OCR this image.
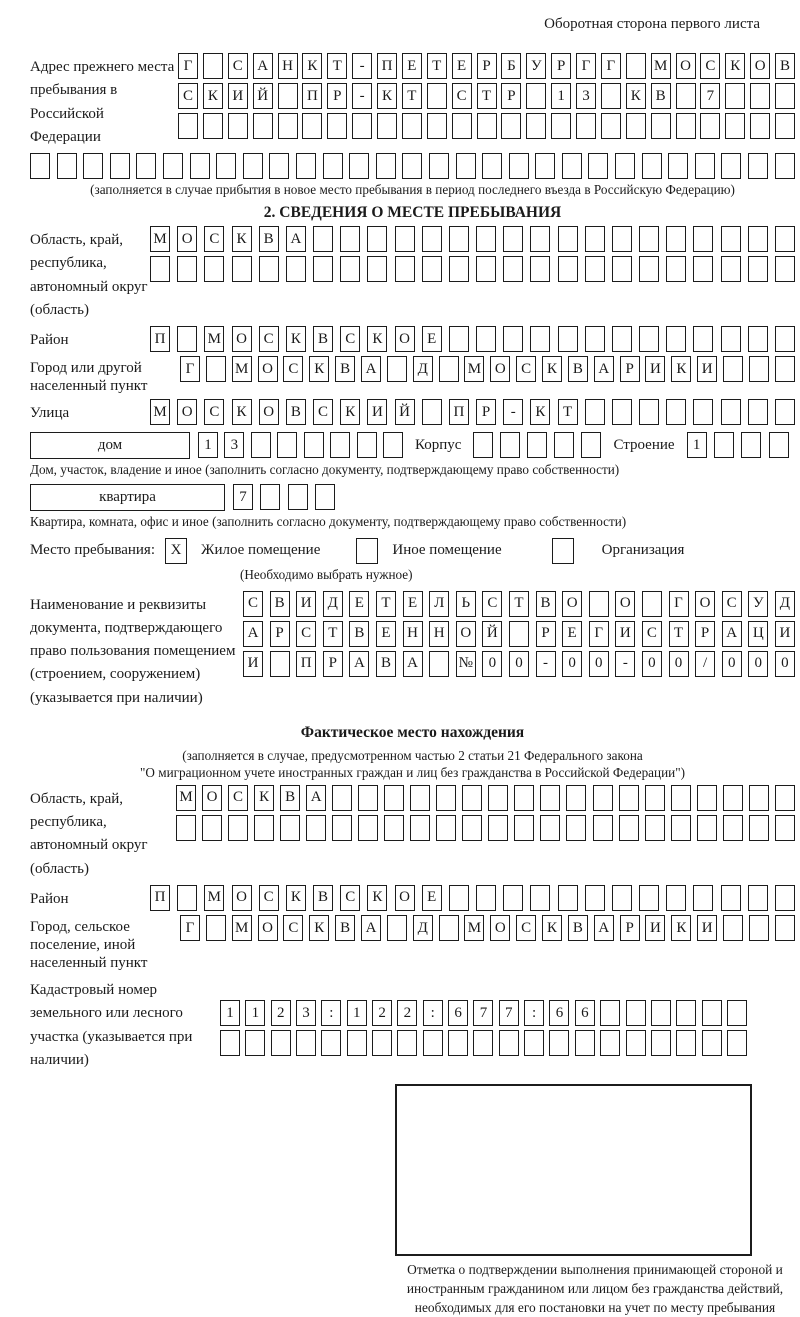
Оборотная сторона первого листа
Адрес прежнего места пребывания в Российской Федерации
Г	С А Н К	Т	-	П Е	Т	Е	Р	Б	У	Р	Г	Г	М О С К О В
С К И Й	П	Р	-	К	Т	С	Т	Р	1	3	К В	7
(заполняется в случае прибытия в новое место пребывания в период последнего въезда в Российскую Федерацию)
2. СВЕДЕНИЯ О МЕСТЕ ПРЕБЫВАНИЯ
Область, край, республика, автономный округ (область)
М	О	С	К	В	А
Район	П	М	О	С	К	В	С	К	О	Е
Город или другой населенный пункт
Г	М О	С	К	В	А	Д	М О	С	К	В	А	Р	И	К	И
Улица	М	О	С	К	О	В	С	К	И	Й	П	Р	-	К	Т
дом	1	3	Корпус	Строение	1
Дом, участок, владение и иное (заполнить согласно документу, подтверждающему право собственности)
квартира	7
Квартира, комната, офис и иное (заполнить согласно документу, подтверждающему право собственности)
Место пребывания:	X	Жилое помещение	Иное помещение	Организация
(Необходимо выбрать нужное)
Наименование и реквизиты документа, подтверждающего право пользования помещением (строением, сооружением) (указывается при наличии)
С	В	И	Д	Е	Т	Е	Л	Ь	С	Т	В	О	О	Г	О	С	У	Д
А	Р	С	Т	В	Е	Н	Н	О	Й	Р	Е	Г	И	С	Т	Р	А	Ц	И
И	П	Р	А	В	А	№	0	0	-	0	0	-	0	0	/	0	0	0
Фактическое место нахождения
(заполняется в случае, предусмотренном частью 2 статьи 21 Федерального закона
"О миграционном учете иностранных граждан и лиц без гражданства в Российской Федерации")
Область, край, республика, автономный округ (область)
М О	С	К	В	А
Район	П	М	О	С	К	В	С	К	О	Е
Город, сельское поселение, иной населенный пункт
Г	М О	С	К	В	А	Д	М О	С	К	В	А	Р	И	К	И
Кадастровый номер земельного или лесного участка (указывается при наличии)
1	1	2	3	:	1	2	2	:	6	7	7	:	6	6
Отметка о подтверждении выполнения принимающей стороной и иностранным гражданином или лицом без гражданства действий, необходимых для его постановки на учет по месту пребывания
